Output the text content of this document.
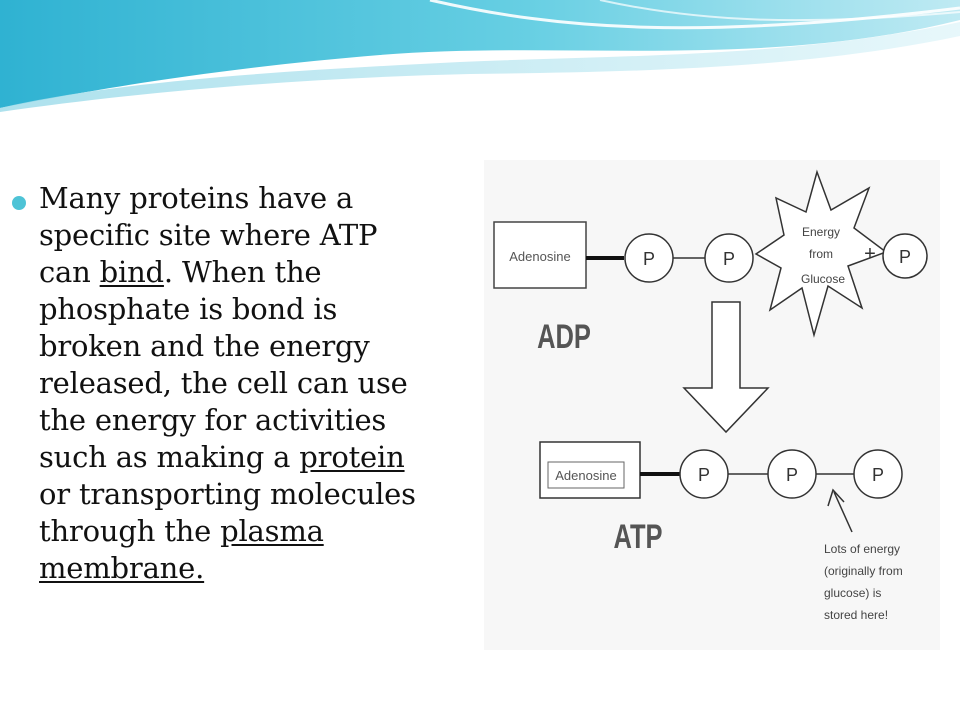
Many proteins have a specific site where ATP can bind. When the phosphate is bond is broken and the energy released, the cell can use the energy for activities such as making a protein or transporting molecules through the plasma membrane.
Adenosine	P	P
Energy
from
Glucose
+ P
ADP
Adenosine	P	P	P
ATP	Lots of energy
(originally from
glucose) is
stored here!
